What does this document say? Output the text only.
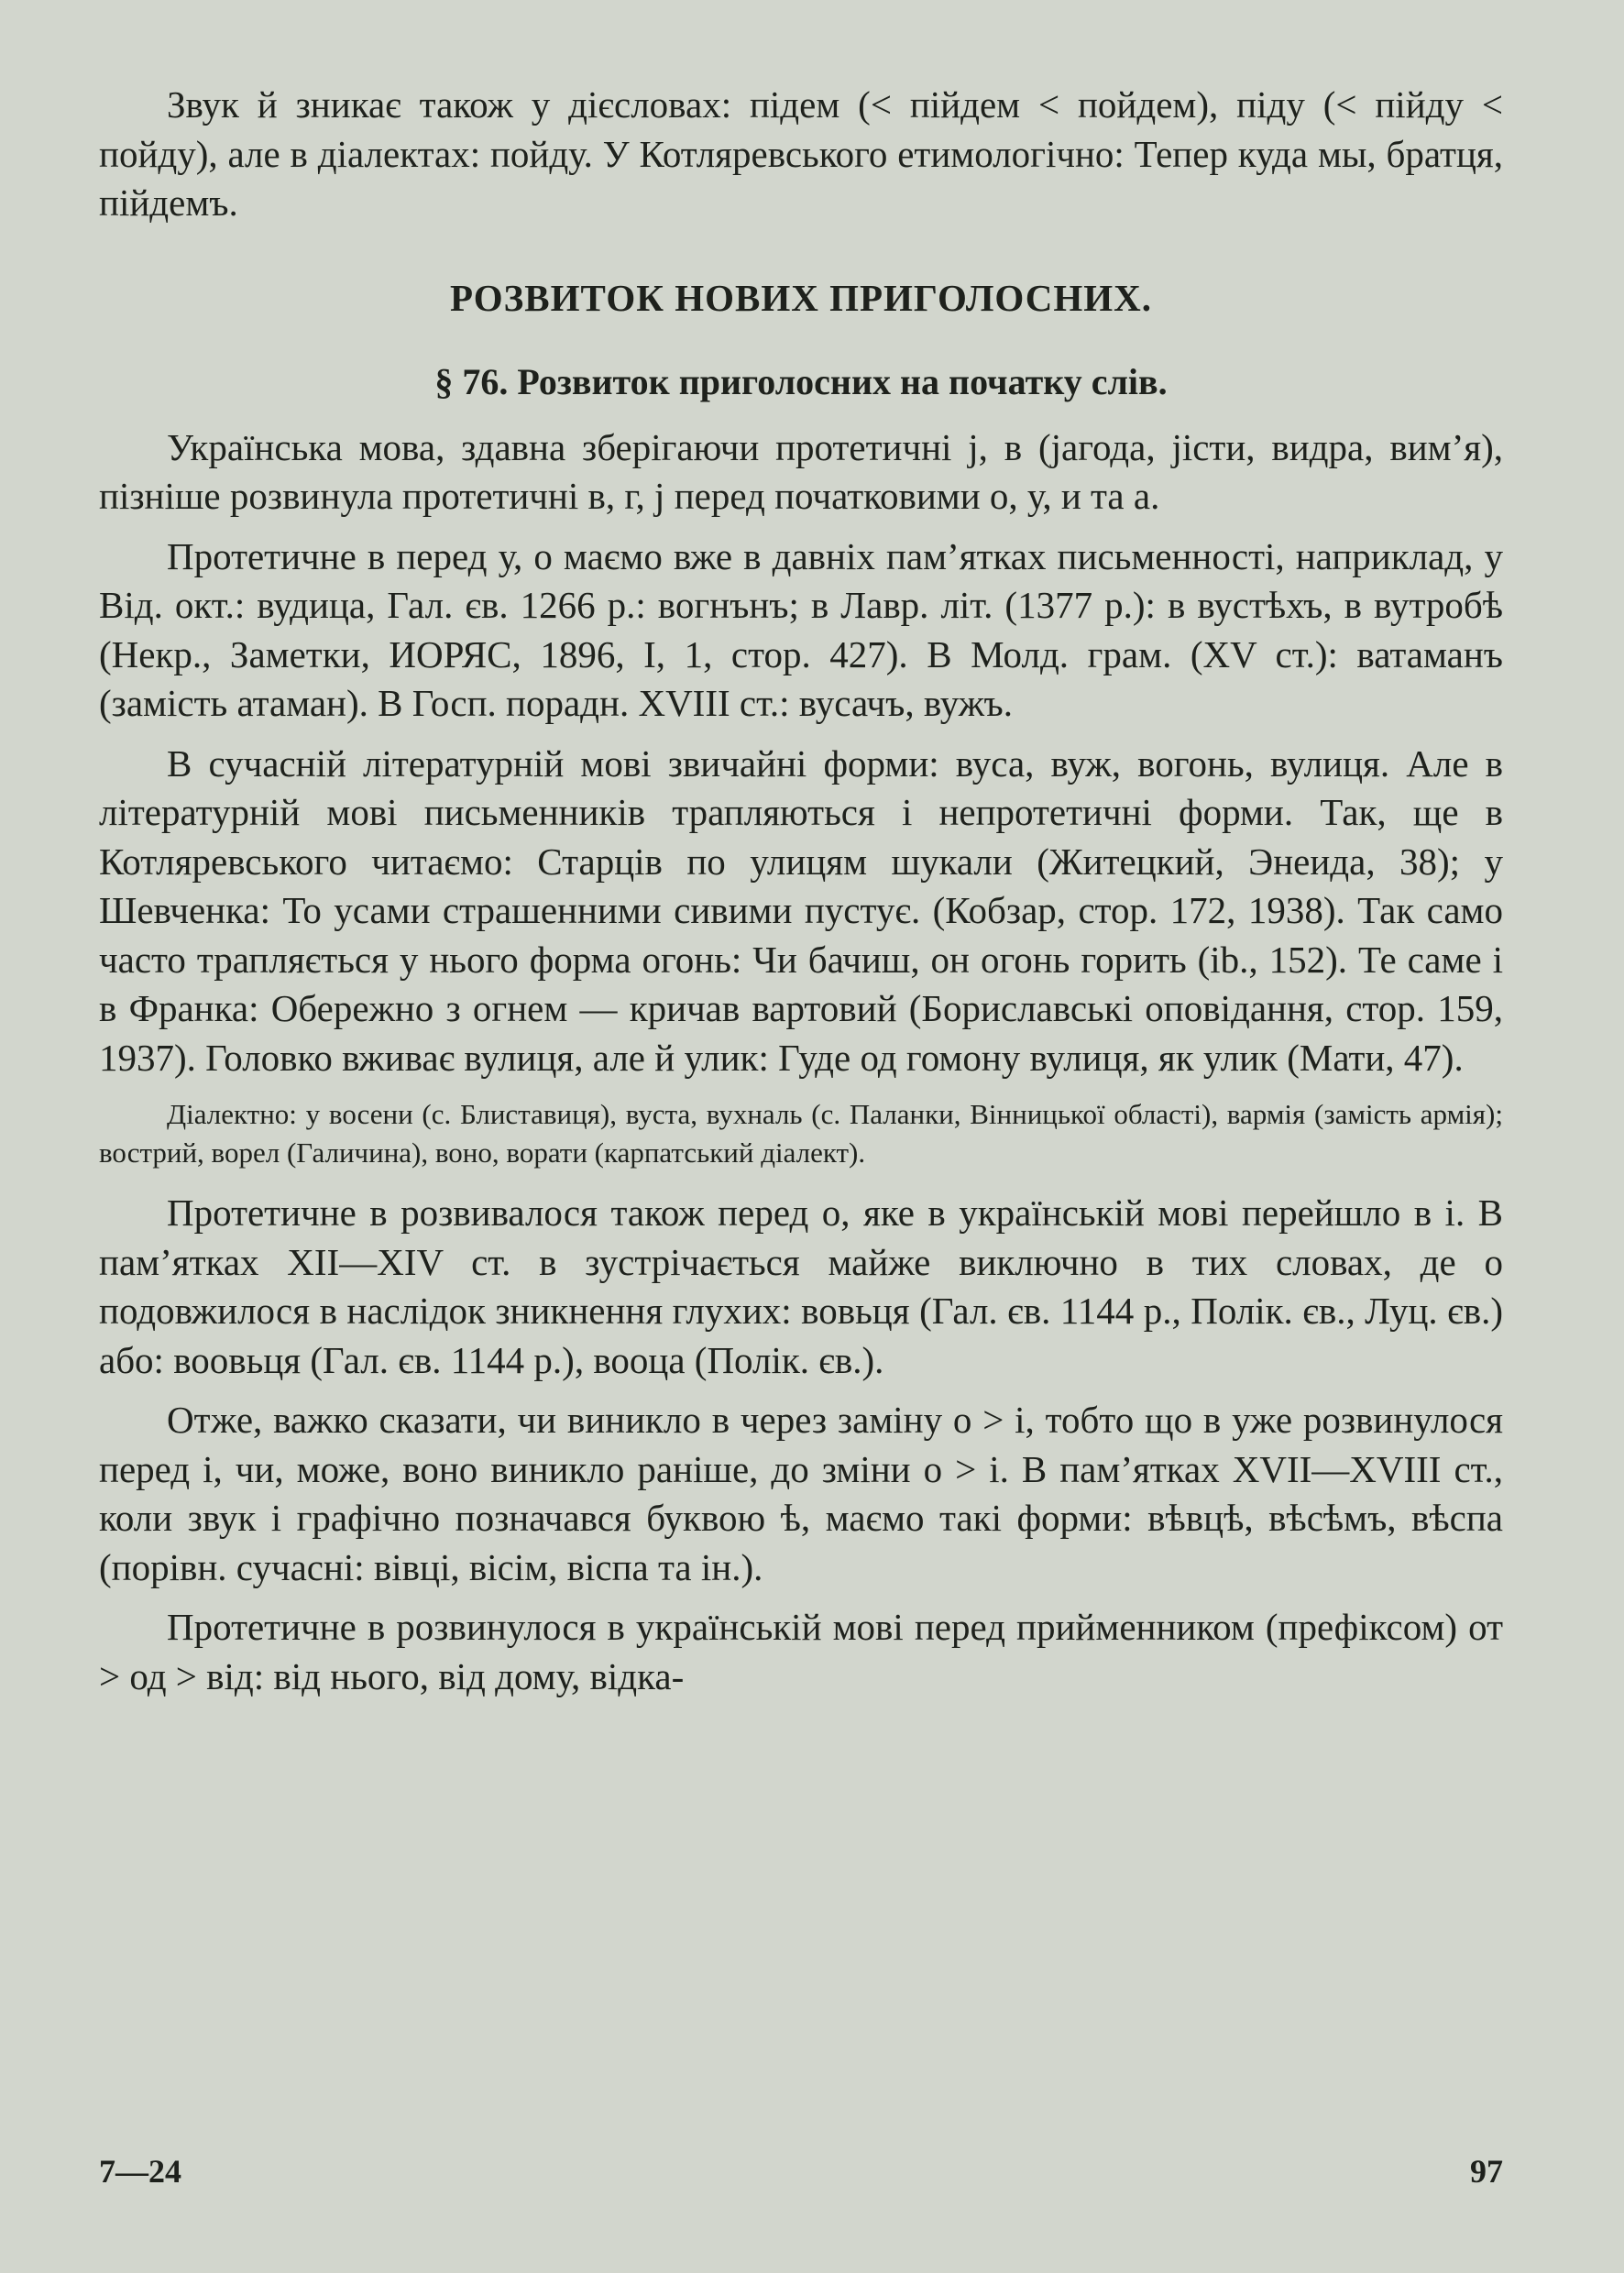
Звук й зникає також у дієсловах: підем (< пійдем < пойдем), піду (< пійду < пойду), але в діалектах: пойду. У Котляревського етимологічно: Тепер куда мы, братця, пійдемъ.

РОЗВИТОК НОВИХ ПРИГОЛОСНИХ.
§ 76. Розвиток приголосних на початку слів.

Українська мова, здавна зберігаючи протетичні j, в (jагода, jісти, видра, вим’я), пізніше розвинула протетичні в, г, j перед початковими о, у, и та а.

Протетичне в перед у, о маємо вже в давніх пам’ятках письменності, наприклад, у Від. окт.: вудица, Гал. єв. 1266 р.: вогнънъ; в Лавр. літ. (1377 р.): в вустѣхъ, в вутробѣ (Некр., Заметки, ИОРЯС, 1896, I, 1, стор. 427). В Молд. грам. (XV ст.): ватаманъ (замість атаман). В Госп. порадн. XVIII ст.: вусачъ, вужъ.

В сучасній літературній мові звичайні форми: вуса, вуж, вогонь, вулиця. Але в літературній мові письменників трапляються і непротетичні форми. Так, ще в Котляревського читаємо: Старців по улицям шукали (Житецкий, Энеида, 38); у Шевченка: То усами страшенними сивими пустує. (Кобзар, стор. 172, 1938). Так само часто трапляється у нього форма огонь: Чи бачиш, он огонь горить (ib., 152). Те саме і в Франка: Обережно з огнем — кричав вартовий (Бориславські оповідання, стор. 159, 1937). Головко вживає вулиця, але й улик: Гуде од гомону вулиця, як улик (Мати, 47).

Діалектно: у восени (с. Блиставиця), вуста, вухналь (с. Паланки, Вінницької області), вармія (замість армія); вострий, ворел (Галичина), воно, ворати (карпатський діалект).

Протетичне в розвивалося також перед о, яке в українській мові перейшло в і. В пам’ятках XII—XIV ст. в зустрічається майже виключно в тих словах, де о подовжилося в наслідок зникнення глухих: вовьця (Гал. єв. 1144 р., Полік. єв., Луц. єв.) або: воовьця (Гал. єв. 1144 р.), вооца (Полік. єв.).

Отже, важко сказати, чи виникло в через заміну о > і, тобто що в уже розвинулося перед і, чи, може, воно виникло раніше, до зміни о > і. В пам’ятках XVII—XVIII ст., коли звук і графічно позначався буквою ѣ, маємо такі форми: вѣвцѣ, вѣсѣмъ, вѣспа (порівн. сучасні: вівці, вісім, віспа та ін.).

Протетичне в розвинулося в українській мові перед прийменником (префіксом) от > од > від: від нього, від дому, відка-

7—24	97
